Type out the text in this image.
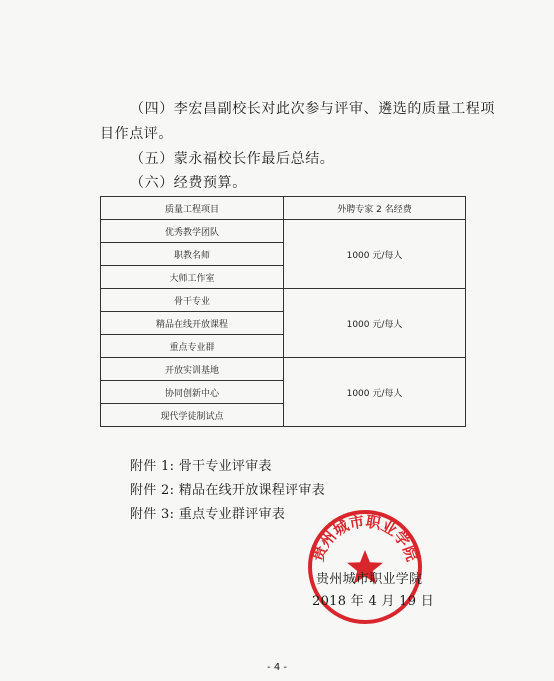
（四）李宏昌副校长对此次参与评审、遴选的质量工程项
目作点评。
（五）蒙永福校长作最后总结。
（六）经费预算。
质量工程项目	外聘专家 2 名经费
优秀教学团队	1000 元/每人
职教名师	
大师工作室	
骨干专业	1000 元/每人
精品在线开放课程	
重点专业群	
开放实训基地	1000 元/每人
协同创新中心	
现代学徒制试点	
附件 1: 骨干专业评审表
附件 2: 精品在线开放课程评审表
附件 3: 重点专业群评审表
贵州城市职业学院
贵州城市职业学院
2018 年 4 月 19 日
- 4 -
